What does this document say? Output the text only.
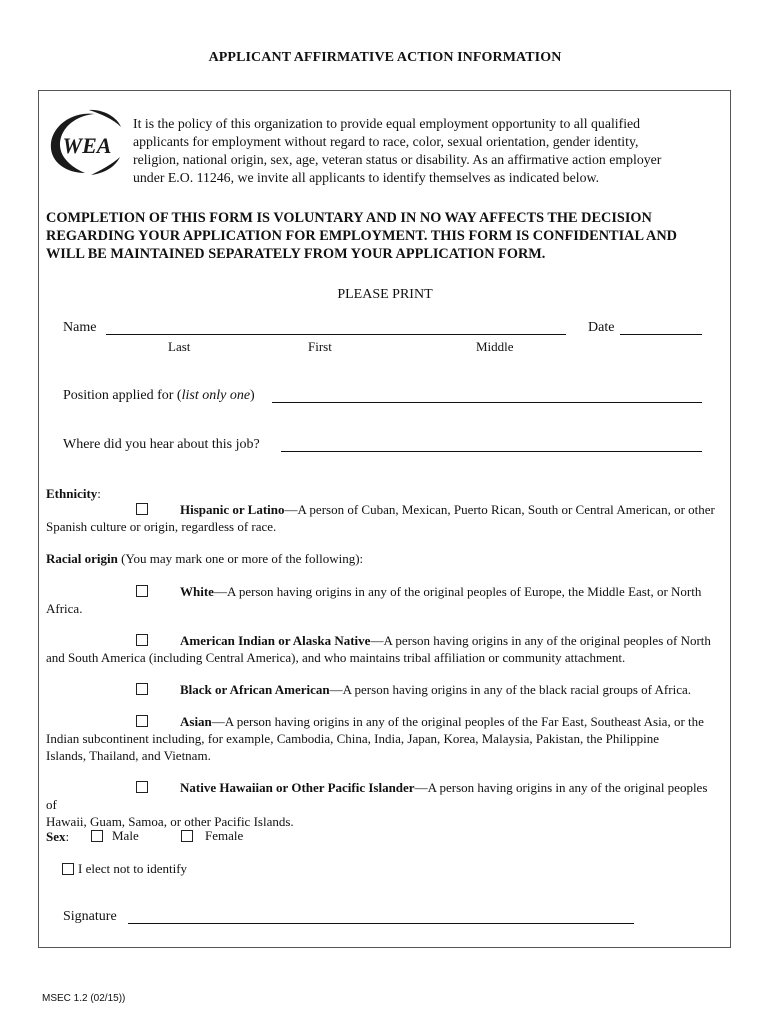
APPLICANT AFFIRMATIVE ACTION INFORMATION
WEA
It is the policy of this organization to provide equal employment opportunity to all qualified
applicants for employment without regard to race, color, sexual orientation, gender identity,
religion, national origin, sex, age, veteran status or disability. As an affirmative action employer
under E.O. 11246, we invite all applicants to identify themselves as indicated below.
COMPLETION OF THIS FORM IS VOLUNTARY AND IN NO WAY AFFECTS THE DECISION
REGARDING YOUR APPLICATION FOR EMPLOYMENT. THIS FORM IS CONFIDENTIAL AND
WILL BE MAINTAINED SEPARATELY FROM YOUR APPLICATION FORM.
PLEASE PRINT
Name	Date
Last	First	Middle
Position applied for (list only one)
Where did you hear about this job?
Ethnicity:
Hispanic or Latino—A person of Cuban, Mexican, Puerto Rican, South or Central American, or other
Spanish culture or origin, regardless of race.
Racial origin (You may mark one or more of the following):
White—A person having origins in any of the original peoples of Europe, the Middle East, or North
Africa.
American Indian or Alaska Native—A person having origins in any of the original peoples of North
and South America (including Central America), and who maintains tribal affiliation or community attachment.
Black or African American—A person having origins in any of the black racial groups of Africa.
Asian—A person having origins in any of the original peoples of the Far East, Southeast Asia, or the
Indian subcontinent including, for example, Cambodia, China, India, Japan, Korea, Malaysia, Pakistan, the Philippine
Islands, Thailand, and Vietnam.
Native Hawaiian or Other Pacific Islander—A person having origins in any of the original peoples of
Hawaii, Guam, Samoa, or other Pacific Islands.
Sex:	Male	Female
I elect not to identify
Signature
MSEC 1.2 (02/15))
